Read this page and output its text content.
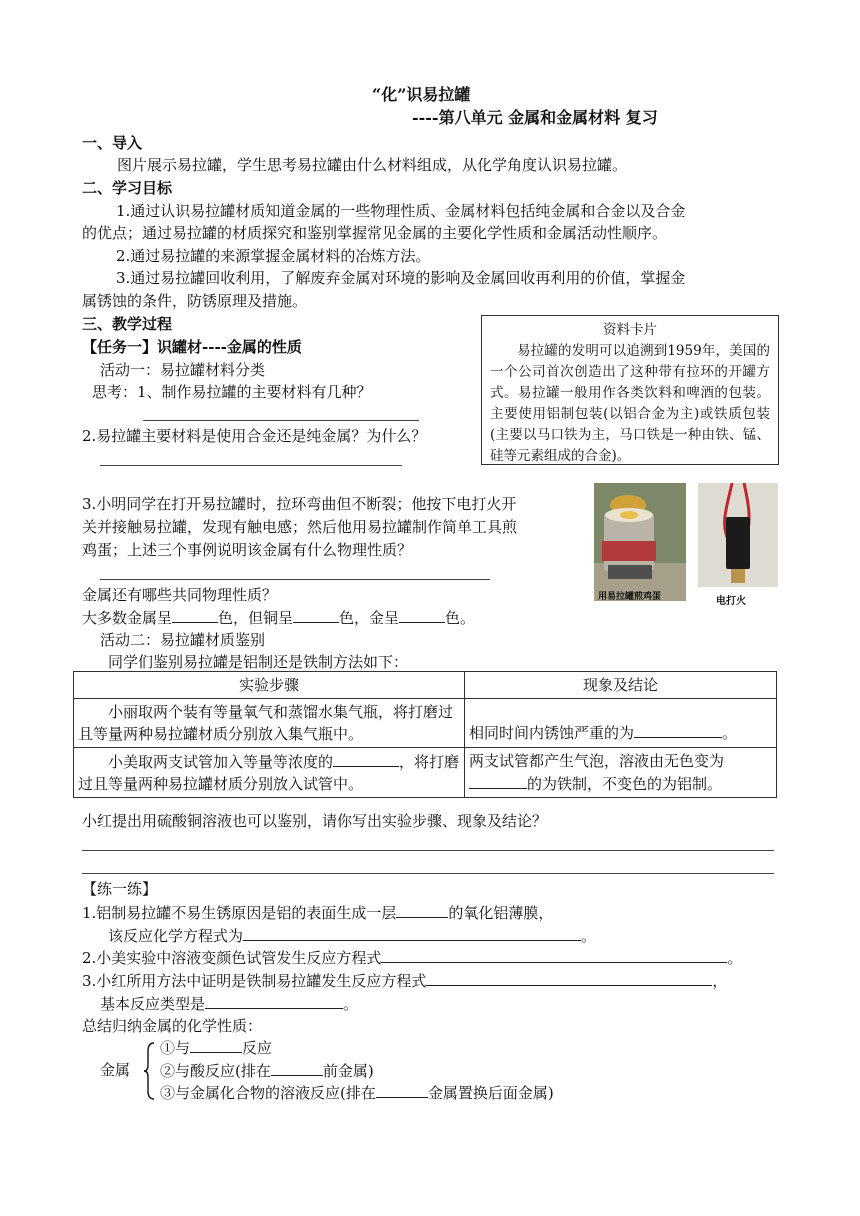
“化”识易拉罐
----第八单元 金属和金属材料 复习
一、导入
图片展示易拉罐，学生思考易拉罐由什么材料组成，从化学角度认识易拉罐。
二、学习目标
1.通过认识易拉罐材质知道金属的一些物理性质、金属材料包括纯金属和合金以及合金
的优点；通过易拉罐的材质探究和鉴别掌握常见金属的主要化学性质和金属活动性顺序。
2.通过易拉罐的来源掌握金属材料的冶炼方法。
3.通过易拉罐回收利用，了解废弃金属对环境的影响及金属回收再利用的价值，掌握金
属锈蚀的条件，防锈原理及措施。
三、教学过程
【任务一】识罐材----金属的性质
活动一：易拉罐材料分类
思考：1、制作易拉罐的主要材料有几种？
2.易拉罐主要材料是使用合金还是纯金属？为什么？
资料卡片

易拉罐的发明可以追溯到1959年，美国的一个公司首次创造出了这种带有拉环的开罐方式。易拉罐一般用作各类饮料和啤酒的包装。主要使用铝制包装(以铝合金为主)或铁质包装(主要以马口铁为主，马口铁是一种由铁、锰、硅等元素组成的合金)。

3.小明同学在打开易拉罐时，拉环弯曲但不断裂；他按下电打火开
关并接触易拉罐，发现有触电感；然后他用易拉罐制作简单工具煎
鸡蛋；上述三个事例说明该金属有什么物理性质？
用易拉罐煎鸡蛋	电打火
金属还有哪些共同物理性质？
大多数金属呈	色，但铜呈	色，金呈	色。
活动二：易拉罐材质鉴别
同学们鉴别易拉罐是铝制还是铁制方法如下：
实验步骤	现象及结论
小丽取两个装有等量氧气和蒸馏水集气瓶，将打磨过且等量两种易拉罐材质分别放入集气瓶中。	相同时间内锈蚀严重的为 。
小美取两支试管加入等量等浓度的 ，将打磨过且等量两种易拉罐材质分别放入试管中。	两支试管都产生气泡，溶液由无色变为
的为铁制，不变色的为铝制。
小红提出用硫酸铜溶液也可以鉴别，请你写出实验步骤、现象及结论？
【练一练】
1.铝制易拉罐不易生锈原因是铝的表面生成一层	的氧化铝薄膜，
该反应化学方程式为	。
2.小美实验中溶液变颜色试管发生反应方程式	。
3.小红所用方法中证明是铁制易拉罐发生反应方程式	，
基本反应类型是	。
总结归纳金属的化学性质：
金属
①与	反应
②与酸反应(排在	前金属)
③与金属化合物的溶液反应(排在	金属置换后面金属)
